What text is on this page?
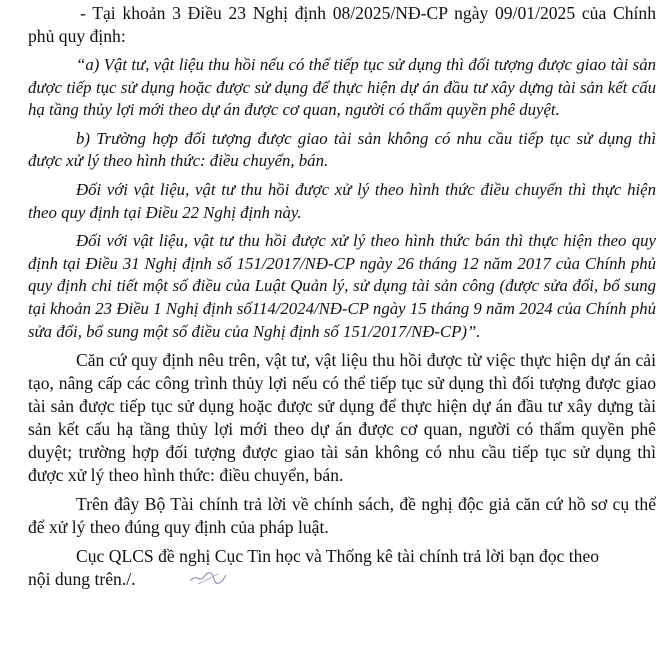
- Tại khoản 3 Điều 23 Nghị định 08/2025/NĐ-CP ngày 09/01/2025 của Chính phủ quy định:

“a) Vật tư, vật liệu thu hồi nếu có thể tiếp tục sử dụng thì đối tượng được giao tài sản được tiếp tục sử dụng hoặc được sử dụng để thực hiện dự án đầu tư xây dựng tài sản kết cấu hạ tầng thủy lợi mới theo dự án được cơ quan, người có thẩm quyền phê duyệt.

b) Trường hợp đối tượng được giao tài sản không có nhu cầu tiếp tục sử dụng thì được xử lý theo hình thức: điều chuyển, bán.

Đối với vật liệu, vật tư thu hồi được xử lý theo hình thức điều chuyển thì thực hiện theo quy định tại Điều 22 Nghị định này.

Đối với vật liệu, vật tư thu hồi được xử lý theo hình thức bán thì thực hiện theo quy định tại Điều 31 Nghị định số 151/2017/NĐ-CP ngày 26 tháng 12 năm 2017 của Chính phủ quy định chi tiết một số điều của Luật Quản lý, sử dụng tài sản công (được sửa đổi, bổ sung tại khoản 23 Điều 1 Nghị định số114/2024/NĐ-CP ngày 15 tháng 9 năm 2024 của Chính phủ sửa đổi, bổ sung một số điều của Nghị định số 151/2017/NĐ-CP)”.

Căn cứ quy định nêu trên, vật tư, vật liệu thu hồi được từ việc thực hiện dự án cải tạo, nâng cấp các công trình thủy lợi nếu có thể tiếp tục sử dụng thì đối tượng được giao tài sản được tiếp tục sử dụng hoặc được sử dụng để thực hiện dự án đầu tư xây dựng tài sản kết cấu hạ tầng thủy lợi mới theo dự án được cơ quan, người có thẩm quyền phê duyệt; trường hợp đối tượng được giao tài sản không có nhu cầu tiếp tục sử dụng thì được xử lý theo hình thức: điều chuyển, bán.

Trên đây Bộ Tài chính trả lời về chính sách, đề nghị độc giả căn cứ hồ sơ cụ thể để xử lý theo đúng quy định của pháp luật.

Cục QLCS đề nghị Cục Tin học và Thống kê tài chính trả lời bạn đọc theo
nội dung trên./.
